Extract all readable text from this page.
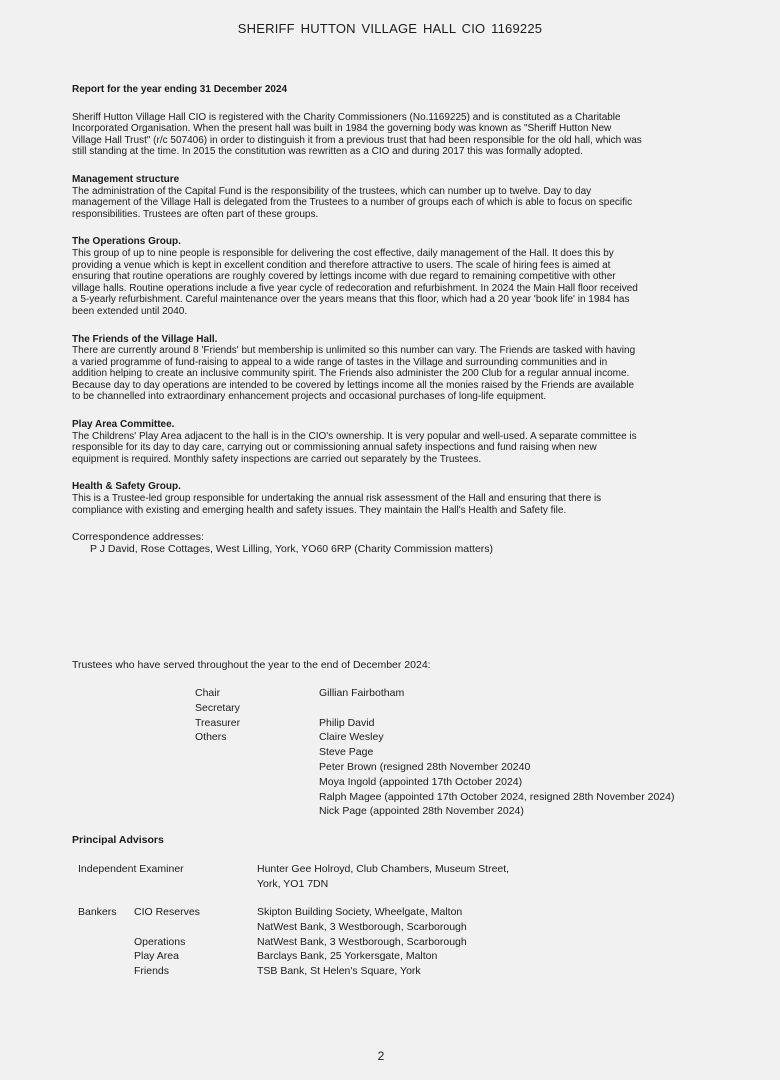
SHERIFF HUTTON VILLAGE HALL CIO 1169225
Report for the year ending 31 December 2024
Sheriff Hutton Village Hall CIO is registered with the Charity Commissioners (No.1169225) and is constituted as a Charitable Incorporated Organisation. When the present hall was built in 1984 the governing body was known as "Sheriff Hutton New Village Hall Trust" (r/c 507406) in order to distinguish it from a previous trust that had been responsible for the old hall, which was still standing at the time. In 2015 the constitution was rewritten as a CIO and during 2017 this was formally adopted.
Management structure
The administration of the Capital Fund is the responsibility of the trustees, which can number up to twelve. Day to day management of the Village Hall is delegated from the Trustees to a number of groups each of which is able to focus on specific responsibilities. Trustees are often part of these groups.
The Operations Group.
This group of up to nine people is responsible for delivering the cost effective, daily management of the Hall. It does this by providing a venue which is kept in excellent condition and therefore attractive to users. The scale of hiring fees is aimed at ensuring that routine operations are roughly covered by lettings income with due regard to remaining competitive with other village halls. Routine operations include a five year cycle of redecoration and refurbishment. In 2024 the Main Hall floor received a 5-yearly refurbishment. Careful maintenance over the years means that this floor, which had a 20 year 'book life' in 1984 has been extended until 2040.
The Friends of the Village Hall.
There are currently around 8 'Friends' but membership is unlimited so this number can vary. The Friends are tasked with having a varied programme of fund-raising to appeal to a wide range of tastes in the Village and surrounding communities and in addition helping to create an inclusive community spirit. The Friends also administer the 200 Club for a regular annual income. Because day to day operations are intended to be covered by lettings income all the monies raised by the Friends are available to be channelled into extraordinary enhancement projects and occasional purchases of long-life equipment.
Play Area Committee.
The Childrens' Play Area adjacent to the hall is in the CIO's ownership. It is very popular and well-used. A separate committee is responsible for its day to day care, carrying out or commissioning annual safety inspections and fund raising when new equipment is required. Monthly safety inspections are carried out separately by the Trustees.
Health & Safety Group.
This is a Trustee-led group responsible for undertaking the annual risk assessment of the Hall and ensuring that there is compliance with existing and emerging health and safety issues. They maintain the Hall's Health and Safety file.
Correspondence addresses:
P J David, Rose Cottages, West Lilling, York, YO60 6RP (Charity Commission matters)
Trustees who have served throughout the year to the end of December 2024:
Chair	Gillian Fairbotham
Secretary
Treasurer	Philip David
Others	Claire Wesley
Steve Page
Peter Brown (resigned 28th November 20240
Moya Ingold (appointed 17th October 2024)
Ralph Magee (appointed 17th October 2024, resigned 28th November 2024)
Nick Page (appointed 28th November 2024)
Principal Advisors
Independent Examiner	Hunter Gee Holroyd, Club Chambers, Museum Street,
York, YO1 7DN
Bankers CIO Reserves	Skipton Building Society, Wheelgate, Malton
NatWest Bank, 3 Westborough, Scarborough
Operations	NatWest Bank, 3 Westborough, Scarborough
Play Area	Barclays Bank, 25 Yorkersgate, Malton
Friends	TSB Bank, St Helen's Square, York
2
